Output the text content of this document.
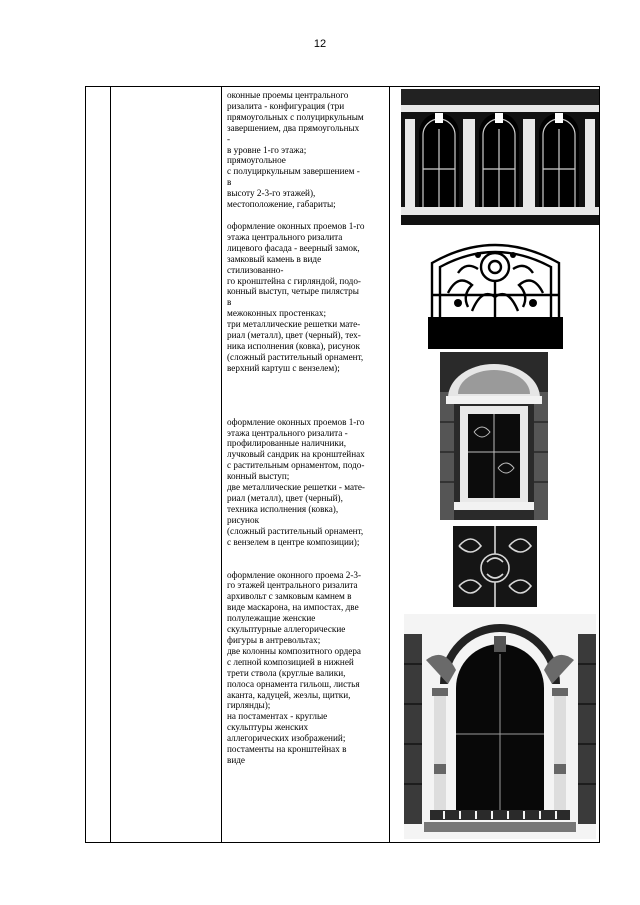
12

оконные проемы центрального

ризалита - конфигурация (три

прямоугольных с полуциркульным

завершением, два прямоугольных

-

в уровне 1-го этажа;

прямоугольное

с полуциркульным завершением -

в

высоту 2-3-го этажей),

местоположение, габариты;

оформление оконных проемов 1-го

этажа центрального ризалита

лицевого фасада - веерный замок,

замковый камень в виде

стилизованно-

го кронштейна с гирляндой, подо-

конный выступ, четыре пилястры

в

межоконных простенках;

три металлические решетки мате-

риал (металл), цвет (черный), тех-

ника исполнения (ковка), рисунок

(сложный растительный орнамент,

верхний картуш с вензелем);

оформление оконных проемов 1-го

этажа центрального ризалита -

профилированные наличники,

лучковый сандрик на кронштейнах

с растительным орнаментом, подо-

конный выступ;

две металлические решетки - мате-

риал (металл), цвет (черный),

техника исполнения (ковка),

рисунок

(сложный растительный орнамент,

с вензелем в центре композиции);

оформление оконного проема 2-3-

го этажей центрального ризалита

архивольт с замковым камнем в

виде маскарона, на импостах, две

полулежащие женские

скульптурные аллегорические

фигуры в антревольтах;

две колонны композитного ордера

с лепной композицией в нижней

трети ствола (круглые валики,

полоса орнамента гильош, листья

аканта, кадуцей, жезлы, щитки,

гирлянды);

на постаментах - круглые

скульптуры женских

аллегорических изображений;

постаменты на кронштейнах в

виде
